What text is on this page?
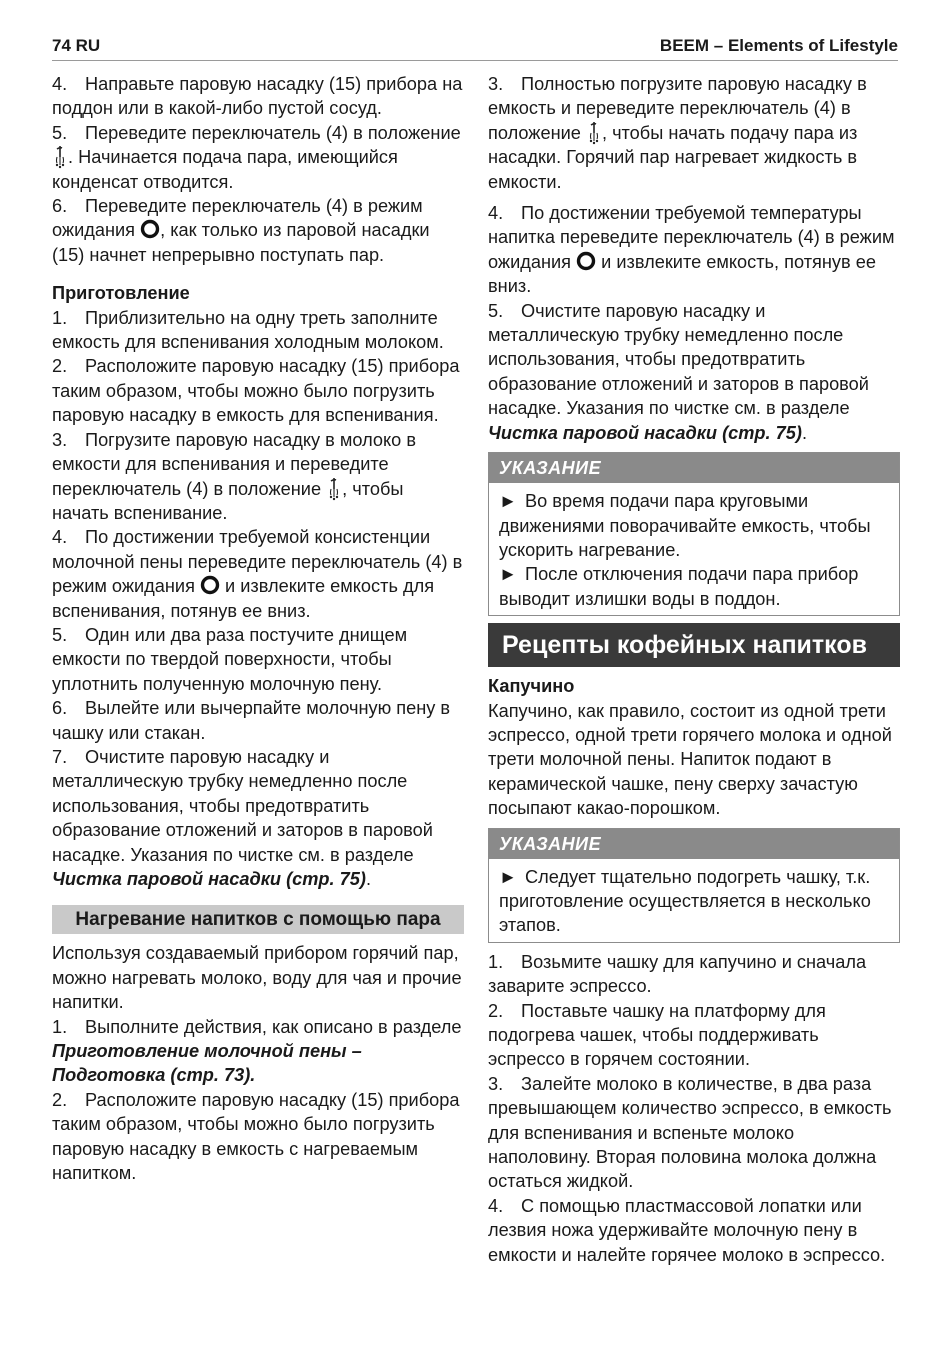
74 RU	BEEM – Elements of Lifestyle

4. Направьте паровую насадку (15) прибора на поддон или в какой-либо пустой сосуд.

5. Переведите переключатель (4) в положение . Начинается подача пара, имеющийся конденсат отводится.

6. Переведите переключатель (4) в режим ожидания , как только из паровой насадки (15) начнет непрерывно поступать пар.

Приготовление

1. Приблизительно на одну треть заполните емкость для вспенивания холодным молоком.

2. Расположите паровую насадку (15) прибора таким образом, чтобы можно было погрузить паровую насадку в емкость для вспенивания.

3. Погрузите паровую насадку в молоко в емкости для вспенивания и переведите переключатель (4) в положение , чтобы начать вспенивание.

4. По достижении требуемой консистенции молочной пены переведите переключатель (4) в режим ожидания  и извлеките емкость для вспенивания, потянув ее вниз.

5. Один или два раза постучите днищем емкости по твердой поверхности, чтобы уплотнить полученную молочную пену.

6. Вылейте или вычерпайте молочную пену в чашку или стакан.

7. Очистите паровую насадку и металлическую трубку немедленно после использования, чтобы предотвратить образование отложений и заторов в паровой насадке. Указания по чистке см. в разделе Чистка паровой насадки (стр. 75).

Нагревание напитков с помощью пара

Используя создаваемый прибором горячий пар, можно нагревать молоко, воду для чая и прочие напитки.

1. Выполните действия, как описано в разделе Приготовление молочной пены – Подготовка (стр. 73).

2. Расположите паровую насадку (15) прибора таким образом, чтобы можно было погрузить паровую насадку в емкость с нагреваемым напитком.

3. Полностью погрузите паровую насадку в емкость и переведите переключатель (4) в положение , чтобы начать подачу пара из насадки. Горячий пар нагревает жидкость в емкости.

4. По достижении требуемой температуры напитка переведите переключатель (4) в режим ожидания  и извлеките емкость, потянув ее вниз.

5. Очистите паровую насадку и металлическую трубку немедленно после использования, чтобы предотвратить образование отложений и заторов в паровой насадке. Указания по чистке см. в разделе Чистка паровой насадки (стр. 75).

УКАЗАНИЕ

► Во время подачи пара круговыми движениями поворачивайте емкость, чтобы ускорить нагревание.

► После отключения подачи пара прибор выводит излишки воды в поддон.

Рецепты кофейных напитков

Капучино

Капучино, как правило, состоит из одной трети эспрессо, одной трети горячего молока и одной трети молочной пены. Напиток подают в керамической чашке, пену сверху зачастую посыпают какао-порошком.

УКАЗАНИЕ

► Следует тщательно подогреть чашку, т.к. приготовление осуществляется в несколько этапов.

1. Возьмите чашку для капучино и сначала заварите эспрессо.

2. Поставьте чашку на платформу для подогрева чашек, чтобы поддерживать эспрессо в горячем состоянии.

3. Залейте молоко в количестве, в два раза превышающем количество эспрессо, в емкость для вспенивания и вспеньте молоко наполовину. Вторая половина молока должна остаться жидкой.

4. С помощью пластмассовой лопатки или лезвия ножа удерживайте молочную пену в емкости и налейте горячее молоко в эспрессо.
